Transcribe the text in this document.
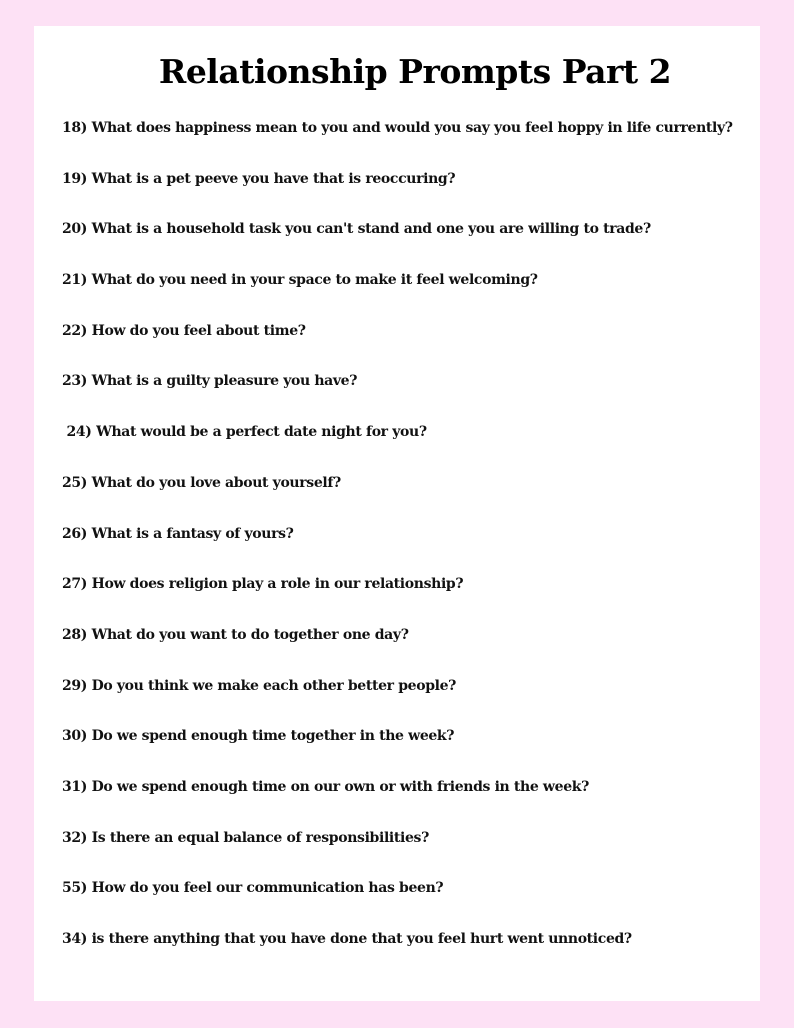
Relationship Prompts Part 2
18) What does happiness mean to you and would you say you feel hoppy in life currently?
19) What is a pet peeve you have that is reoccuring?
20) What is a household task you can't stand and one you are willing to trade?
21) What do you need in your space to make it feel welcoming?
22) How do you feel about time?
23) What is a guilty pleasure you have?
24) What would be a perfect date night for you?
25) What do you love about yourself?
26) What is a fantasy of yours?
27) How does religion play a role in our relationship?
28) What do you want to do together one day?
29) Do you think we make each other better people?
30) Do we spend enough time together in the week?
31) Do we spend enough time on our own or with friends in the week?
32) Is there an equal balance of responsibilities?
55) How do you feel our communication has been?
34) is there anything that you have done that you feel hurt went unnoticed?
